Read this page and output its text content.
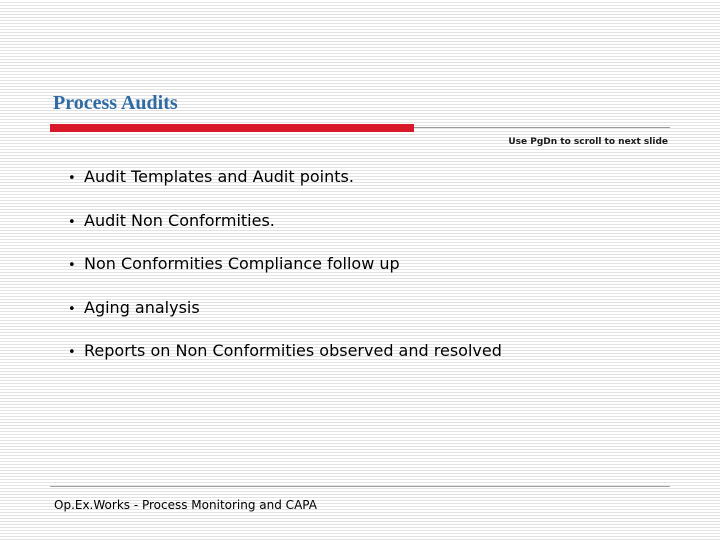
Process Audits
Use PgDn to scroll to next slide
• Audit Templates and Audit points.
• Audit Non Conformities.
• Non Conformities Compliance follow up
• Aging analysis
• Reports on Non Conformities observed and resolved
Op.Ex.Works - Process Monitoring and CAPA
